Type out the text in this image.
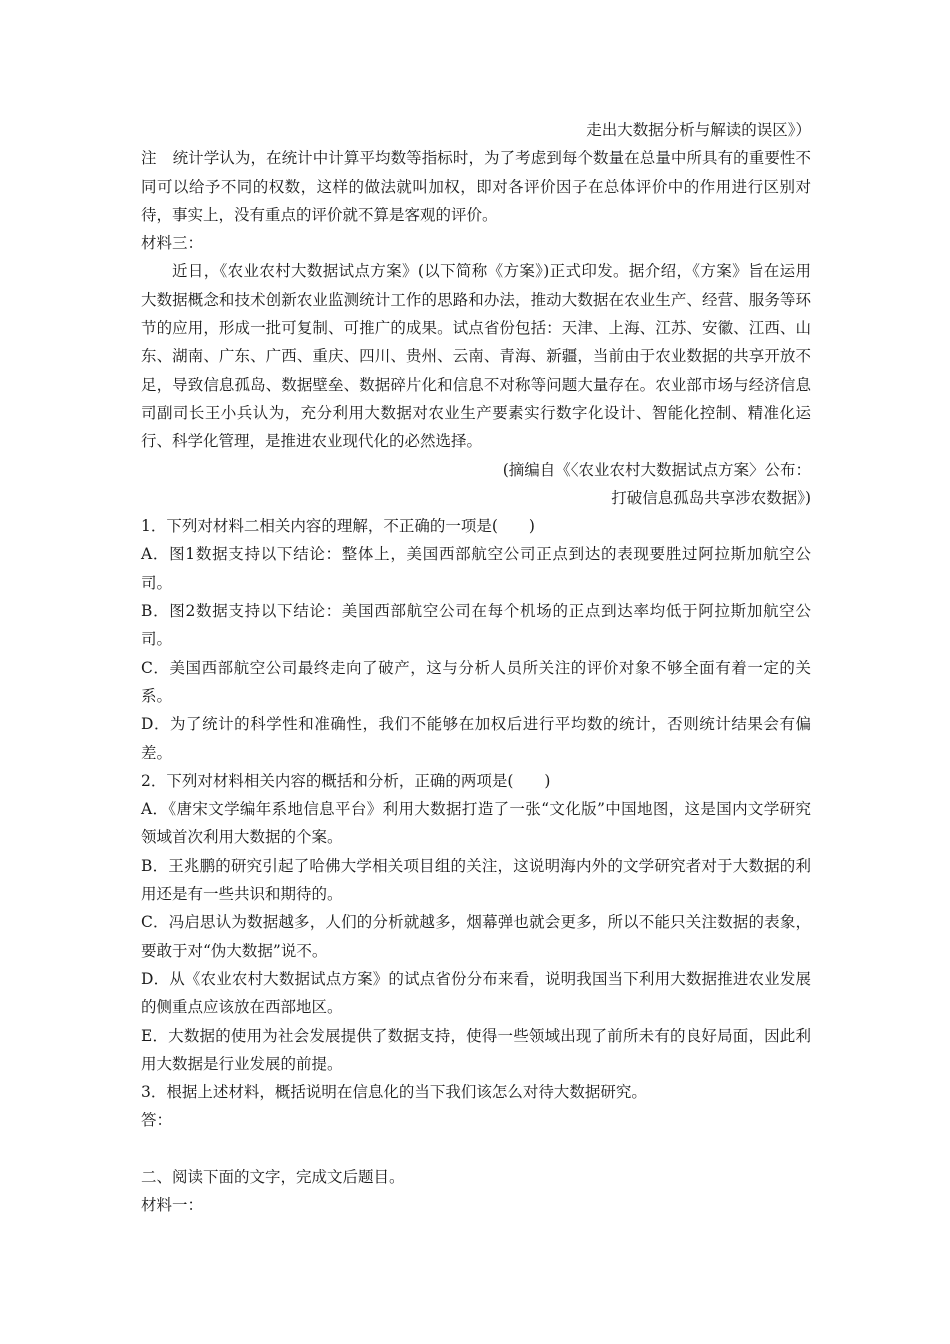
走出大数据分析与解读的误区》）
注 统计学认为，在统计中计算平均数等指标时，为了考虑到每个数量在总量中所具有的重要性不同可以给予不同的权数，这样的做法就叫加权，即对各评价因子在总体评价中的作用进行区别对待，事实上，没有重点的评价就不算是客观的评价。
材料三：
近日，《农业农村大数据试点方案》(以下简称《方案》)正式印发。据介绍，《方案》旨在运用大数据概念和技术创新农业监测统计工作的思路和办法，推动大数据在农业生产、经营、服务等环节的应用，形成一批可复制、可推广的成果。试点省份包括：天津、上海、江苏、安徽、江西、山东、湖南、广东、广西、重庆、四川、贵州、云南、青海、新疆，当前由于农业数据的共享开放不足，导致信息孤岛、数据壁垒、数据碎片化和信息不对称等问题大量存在。农业部市场与经济信息司副司长王小兵认为，充分利用大数据对农业生产要素实行数字化设计、智能化控制、精准化运行、科学化管理，是推进农业现代化的必然选择。
(摘编自《〈农业农村大数据试点方案〉公布：
打破信息孤岛共享涉农数据》)
1．下列对材料二相关内容的理解，不正确的一项是(　　)
A．图1数据支持以下结论：整体上，美国西部航空公司正点到达的表现要胜过阿拉斯加航空公司。
B．图2数据支持以下结论：美国西部航空公司在每个机场的正点到达率均低于阿拉斯加航空公司。
C．美国西部航空公司最终走向了破产，这与分析人员所关注的评价对象不够全面有着一定的关系。
D．为了统计的科学性和准确性，我们不能够在加权后进行平均数的统计，否则统计结果会有偏差。
2．下列对材料相关内容的概括和分析，正确的两项是(　　)
A．《唐宋文学编年系地信息平台》利用大数据打造了一张“文化版”中国地图，这是国内文学研究领域首次利用大数据的个案。
B．王兆鹏的研究引起了哈佛大学相关项目组的关注，这说明海内外的文学研究者对于大数据的利用还是有一些共识和期待的。
C．冯启思认为数据越多，人们的分析就越多，烟幕弹也就会更多，所以不能只关注数据的表象，要敢于对“伪大数据”说不。
D．从《农业农村大数据试点方案》的试点省份分布来看，说明我国当下利用大数据推进农业发展的侧重点应该放在西部地区。
E．大数据的使用为社会发展提供了数据支持，使得一些领域出现了前所未有的良好局面，因此利用大数据是行业发展的前提。
3．根据上述材料，概括说明在信息化的当下我们该怎么对待大数据研究。
答：
二、阅读下面的文字，完成文后题目。
材料一：
